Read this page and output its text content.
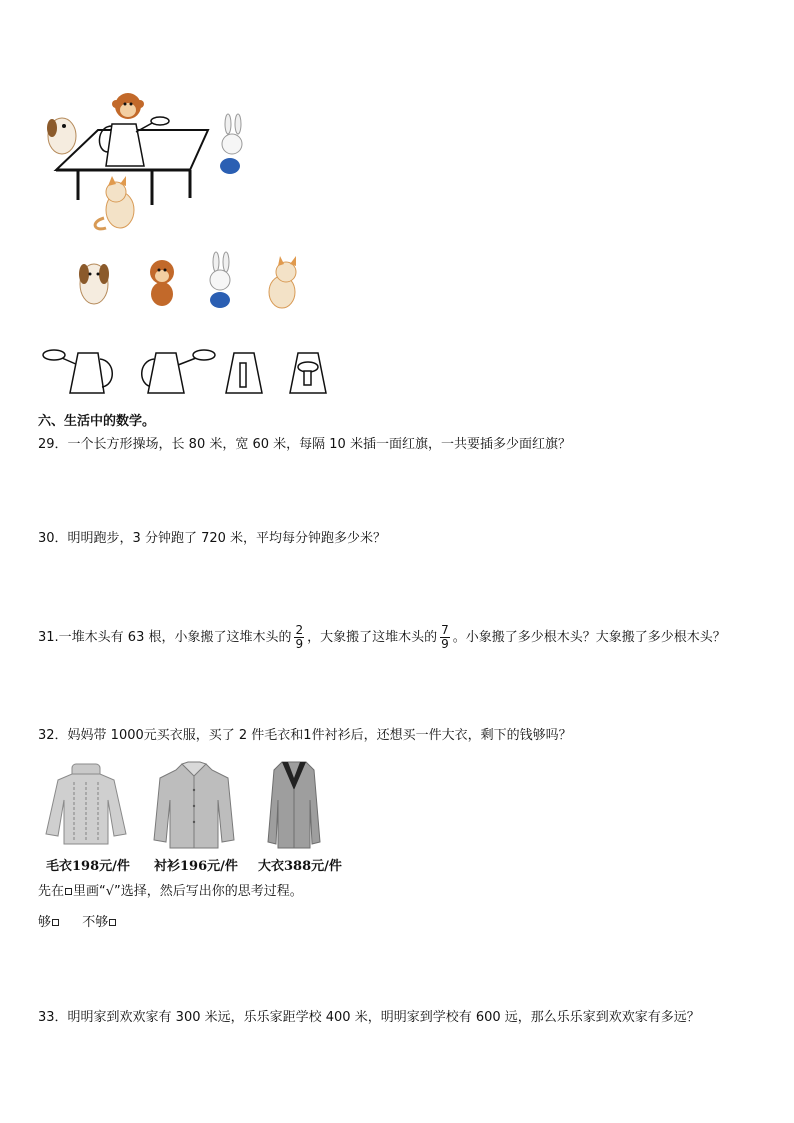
六、生活中的数学。
29．一个长方形操场，长 80 米，宽 60 米，每隔 10 米插一面红旗，一共要插多少面红旗？
30．明明跑步，3 分钟跑了 720 米，平均每分钟跑多少米？
31.一堆木头有 63 根，小象搬了这堆木头的 $\frac{2}{9}$ ，大象搬了这堆木头的 $\frac{7}{9}$ 。小象搬了多少根木头？大象搬了多少根木头？
32．妈妈带 1000元买衣服，买了 2 件毛衣和1件衬衫后，还想买一件大衣，剩下的钱够吗？
毛衣198元/件 衬衫196元/件 大衣388元/件
先在 里画“√”选择，然后写出你的思考过程。
够 不够
33．明明家到欢欢家有 300 米远，乐乐家距学校 400 米，明明家到学校有 600 远，那么乐乐家到欢欢家有多远？
